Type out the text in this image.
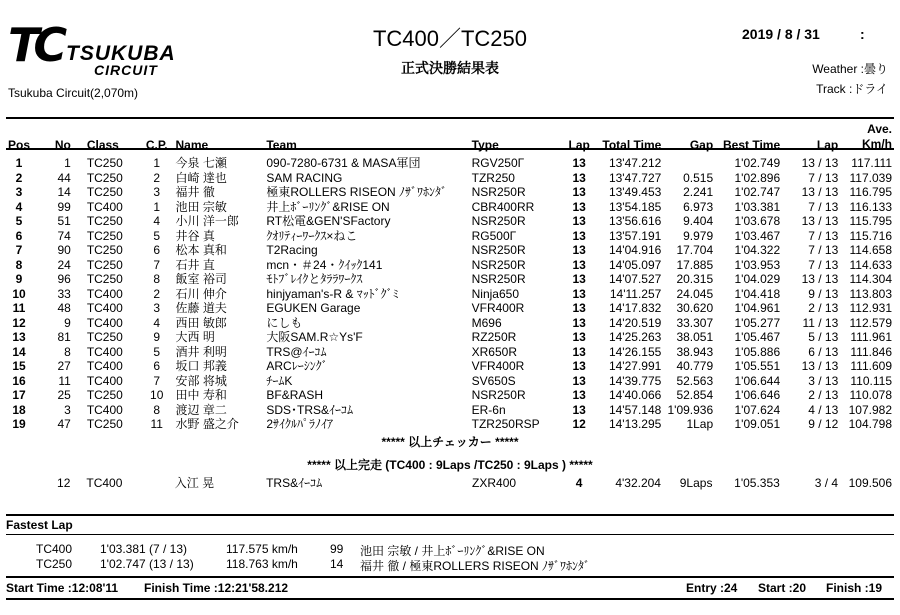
TC TSUKUBA
CIRCUIT
Tsukuba Circuit(2,070m)
TC400／TC250
正式決勝結果表
2019 / 8 / 31	:
Weather :曇り
Track :ドライ
Pos	No	Class	C.P.	Name	Team	Type	Lap	Total Time	Gap	Best Time	Lap	Ave.
Km/h

1	1	TC250	1	今泉 七瀬	090-7280-6731 & MASA軍団	RGV250Γ	13	13'47.212		1'02.749	13 / 13	117.111
2	44	TC250	2	白崎 達也	SAM RACING	TZR250	13	13'47.727	0.515	1'02.896	7 / 13	117.039
3	14	TC250	3	福井 徹	極東ROLLERS RISEON ﾉｻﾞﾜﾎﾝﾀﾞ	NSR250R	13	13'49.453	2.241	1'02.747	13 / 13	116.795
4	99	TC400	1	池田 宗敏	井上ﾎﾞｰﾘﾝｸﾞ&RISE ON	CBR400RR	13	13'54.185	6.973	1'03.381	7 / 13	116.133
5	51	TC250	4	小川 洋一郎	RT松電&GEN'SFactory	NSR250R	13	13'56.616	9.404	1'03.678	13 / 13	115.795
6	74	TC250	5	井谷 真	ｸｵﾘﾃｨｰﾜｰｸｽ×ねこ	RG500Γ	13	13'57.191	9.979	1'03.467	7 / 13	115.716
7	90	TC250	6	松本 真和	T2Racing	NSR250R	13	14'04.916	17.704	1'04.322	7 / 13	114.658
8	24	TC250	7	石井 直	mcn・＃24・ｸｲｯｸ141	NSR250R	13	14'05.097	17.885	1'03.953	7 / 13	114.633
9	96	TC250	8	飯室 裕司	ﾓﾄﾌﾞﾚｲｸとﾀﾗﾗﾜｰｸｽ	NSR250R	13	14'07.527	20.315	1'04.029	13 / 13	114.304
10	33	TC400	2	石川 伸介	hinjyaman's-R & ﾏｯﾄﾞｸﾞﾐ	Ninja650	13	14'11.257	24.045	1'04.418	9 / 13	113.803
11	48	TC400	3	佐藤 道夫	EGUKEN Garage	VFR400R	13	14'17.832	30.620	1'04.961	2 / 13	112.931
12	9	TC400	4	西田 敏郎	にしも	M696	13	14'20.519	33.307	1'05.277	11 / 13	112.579
13	81	TC250	9	大西 明	大阪SAM.R☆Ys'F	RZ250R	13	14'25.263	38.051	1'05.467	5 / 13	111.961
14	8	TC400	5	酒井 利明	TRS@ｲｰｺﾑ	XR650R	13	14'26.155	38.943	1'05.886	6 / 13	111.846
15	27	TC400	6	坂口 邦義	ARCﾚｰｼﾝｸﾞ	VFR400R	13	14'27.991	40.779	1'05.551	13 / 13	111.609
16	11	TC400	7	安部 将城	ﾁｰﾑK	SV650S	13	14'39.775	52.563	1'06.644	3 / 13	110.115
17	25	TC250	10	田中 寿和	BF&RASH	NSR250R	13	14'40.066	52.854	1'06.646	2 / 13	110.078
18	3	TC400	8	渡辺 章二	SDS･TRS&ｲｰｺﾑ	ER-6n	13	14'57.148	1'09.936	1'07.624	4 / 13	107.982
19	47	TC250	11	水野 盛之介	2ｻｲｸﾙﾊﾟﾗﾉｲｱ	TZR250RSP	12	14'13.295	1Lap	1'09.051	9 / 12	104.798
***** 以上チェッカー *****
***** 以上完走 (TC400 : 9Laps /TC250 : 9Laps ) *****
	12	TC400		入江 晃	TRS&ｲｰｺﾑ	ZXR400	4	4'32.204	9Laps	1'05.353	3 / 4	109.506
Fastest Lap
TC400 1'03.381 (7 / 13)	117.575 km/h	99 池田 宗敏 / 井上ﾎﾞｰﾘﾝｸﾞ&RISE ON
TC250 1'02.747 (13 / 13)	118.763 km/h	14 福井 徹 / 極東ROLLERS RISEON ﾉｻﾞﾜﾎﾝﾀﾞ
Start Time :12:08'11 Finish Time :12:21'58.212	Entry :24 Start :20 Finish :19
